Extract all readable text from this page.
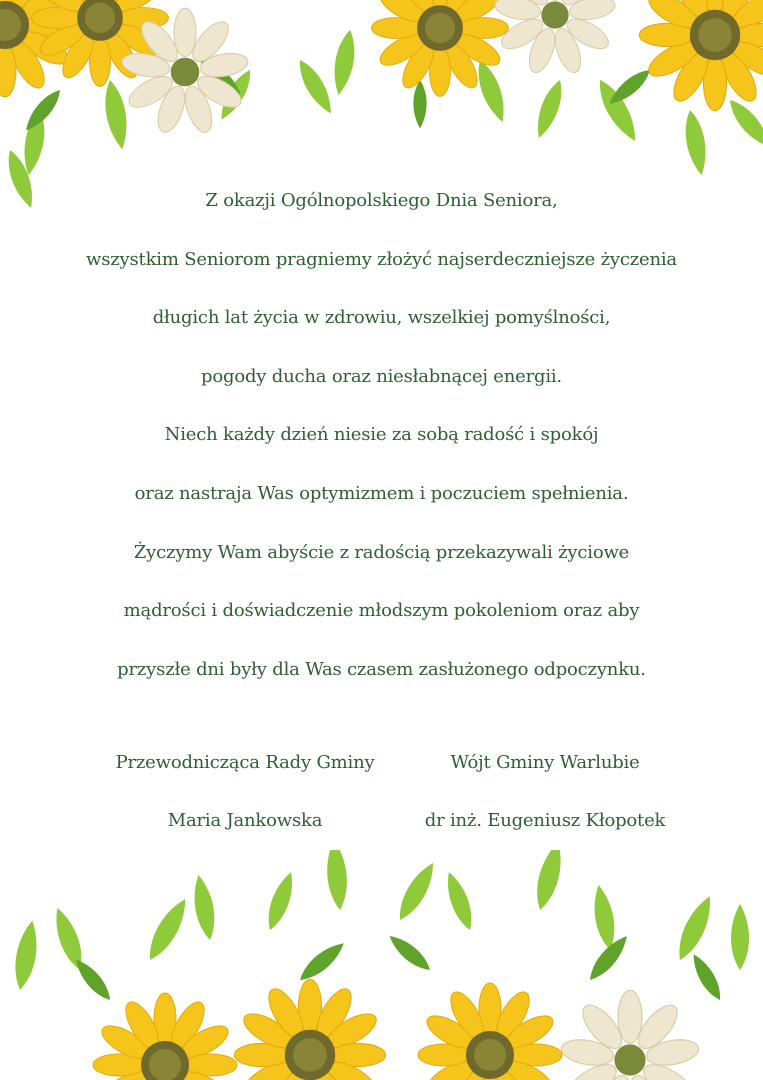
Z okazji Ogólnopolskiego Dnia Seniora,
wszystkim Seniorom pragniemy złożyć najserdeczniejsze życzenia
długich lat życia w zdrowiu, wszelkiej pomyślności,
pogody ducha oraz niesłabnącej energii.
Niech każdy dzień niesie za sobą radość i spokój
oraz nastraja Was optymizmem i poczuciem spełnienia.
Życzymy Wam abyście z radością przekazywali życiowe
mądrości i doświadczenie młodszym pokoleniom oraz aby
przyszłe dni były dla Was czasem zasłużonego odpoczynku.
Przewodnicząca Rady Gminy
Maria Jankowska
Wójt Gminy Warlubie
dr inż. Eugeniusz Kłopotek
